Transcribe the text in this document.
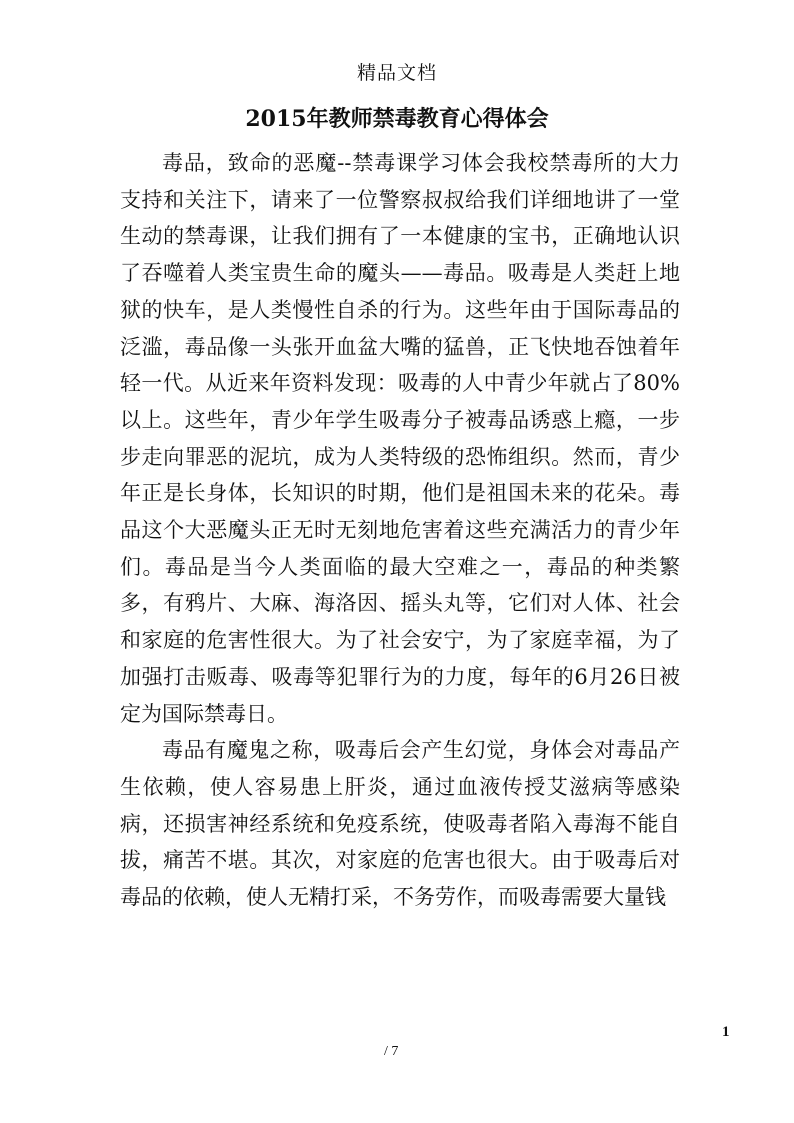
精品文档
2015年教师禁毒教育心得体会

毒品，致命的恶魔--禁毒课学习体会我校禁毒所的大力支持和关注下，请来了一位警察叔叔给我们详细地讲了一堂生动的禁毒课，让我们拥有了一本健康的宝书，正确地认识了吞噬着人类宝贵生命的魔头——毒品。吸毒是人类赶上地狱的快车，是人类慢性自杀的行为。这些年由于国际毒品的泛滥，毒品像一头张开血盆大嘴的猛兽，正飞快地吞蚀着年轻一代。从近来年资料发现：吸毒的人中青少年就占了80%以上。这些年，青少年学生吸毒分子被毒品诱惑上瘾，一步步走向罪恶的泥坑，成为人类特级的恐怖组织。然而，青少年正是长身体，长知识的时期，他们是祖国未来的花朵。毒品这个大恶魔头正无时无刻地危害着这些充满活力的青少年们。毒品是当今人类面临的最大空难之一，毒品的种类繁多，有鸦片、大麻、海洛因、摇头丸等，它们对人体、社会和家庭的危害性很大。为了社会安宁，为了家庭幸福，为了加强打击贩毒、吸毒等犯罪行为的力度，每年的6月26日被定为国际禁毒日。

毒品有魔鬼之称，吸毒后会产生幻觉，身体会对毒品产生依赖，使人容易患上肝炎，通过血液传授艾滋病等感染病，还损害神经系统和免疫系统，使吸毒者陷入毒海不能自拔，痛苦不堪。其次，对家庭的危害也很大。由于吸毒后对毒品的依赖，使人无精打采，不务劳作，而吸毒需要大量钱

1
/ 7
